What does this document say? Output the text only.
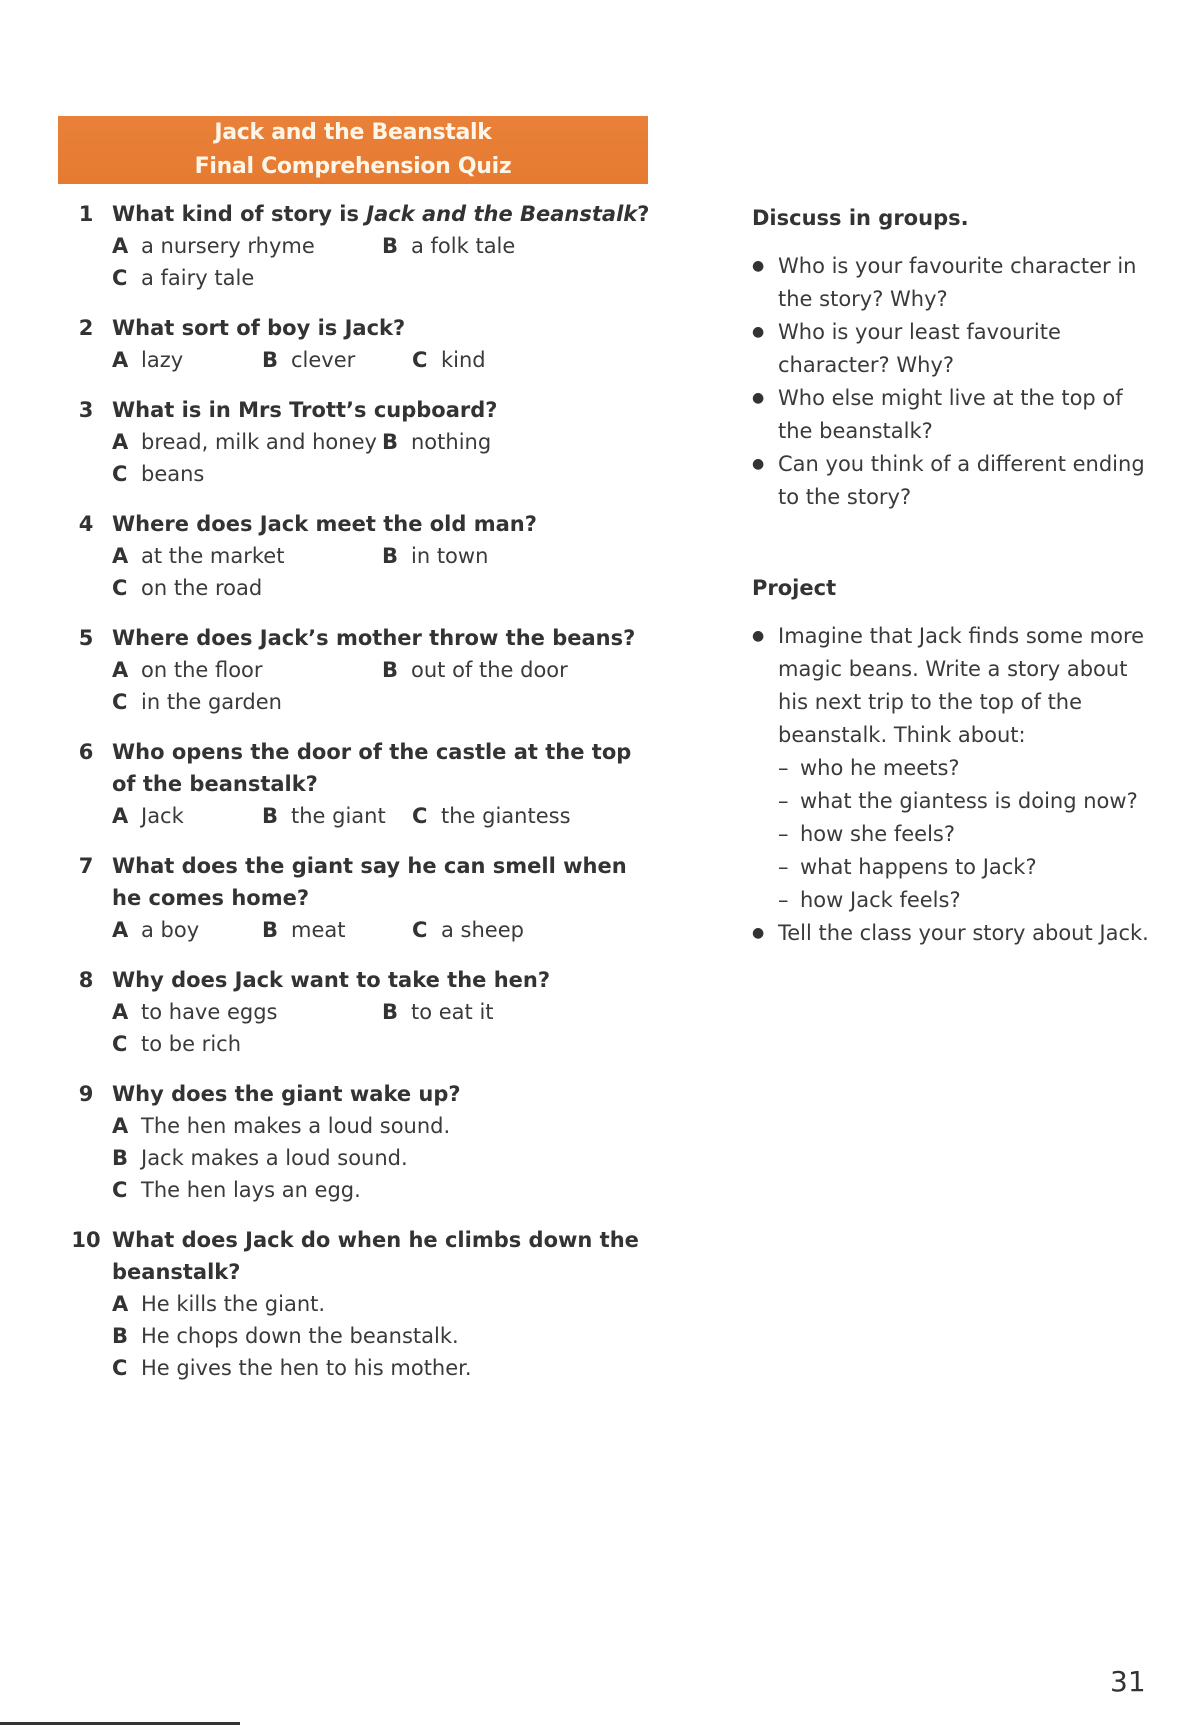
Jack and the Beanstalk
Final Comprehension Quiz
1 What kind of story is Jack and the Beanstalk?
A a nursery rhyme	B a folk tale
C a fairy tale
2 What sort of boy is Jack?
A lazy	B clever	C kind
3 What is in Mrs Trott’s cupboard?
A bread, milk and honey B nothing
C beans
4 Where does Jack meet the old man?
A at the market	B in town
C on the road
5 Where does Jack’s mother throw the beans?
A on the floor	B out of the door
C in the garden
6 Who opens the door of the castle at the top of the beanstalk?
A Jack	B the giant C the giantess
7 What does the giant say he can smell when he comes home?
A a boy	B meat	C a sheep
8 Why does Jack want to take the hen?
A to have eggs	B to eat it
C to be rich
9 Why does the giant wake up?
A The hen makes a loud sound.
B Jack makes a loud sound.
C The hen lays an egg.
10 What does Jack do when he climbs down the beanstalk?
A He kills the giant.
B He chops down the beanstalk.
C He gives the hen to his mother.
Discuss in groups.
● Who is your favourite character in the story? Why?
● Who is your least favourite character? Why?
● Who else might live at the top of the beanstalk?
● Can you think of a different ending to the story?
Project
● Imagine that Jack finds some more magic beans. Write a story about his next trip to the top of the beanstalk. Think about:
– who he meets?
– what the giantess is doing now?
– how she feels?
– what happens to Jack?
– how Jack feels?
● Tell the class your story about Jack.
31
